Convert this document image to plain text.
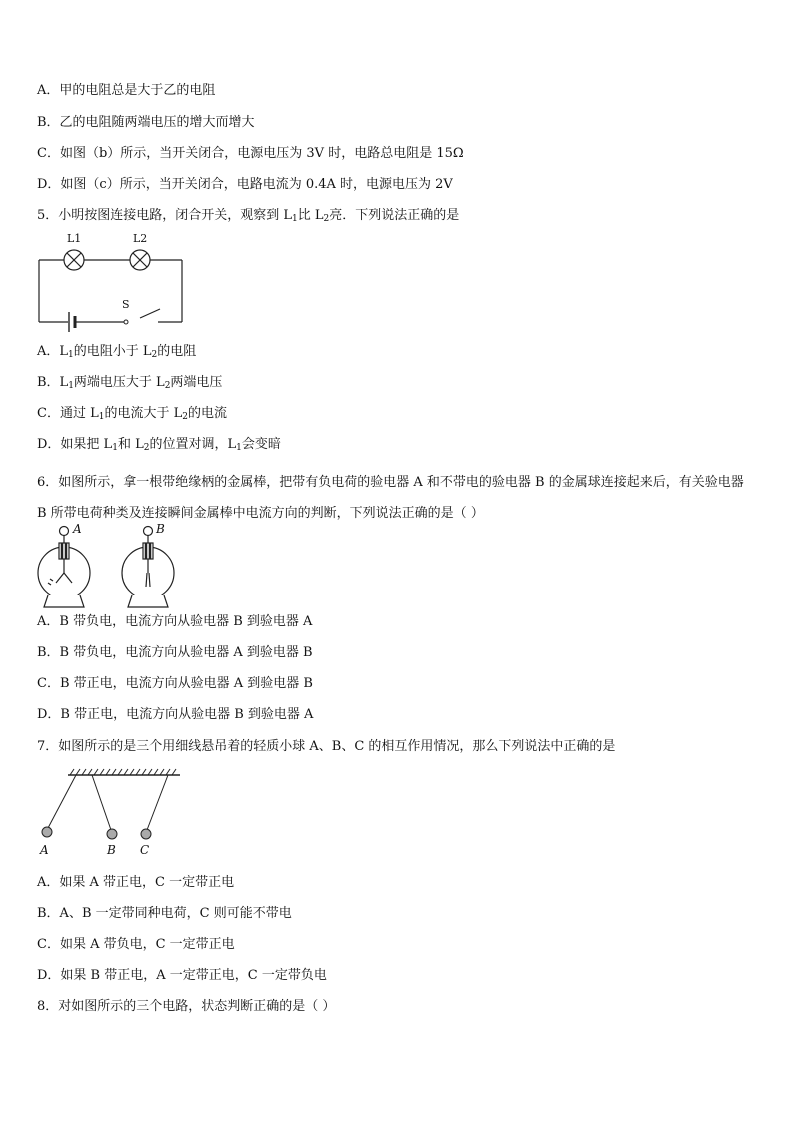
A．甲的电阻总是大于乙的电阻
B．乙的电阻随两端电压的增大而增大
C．如图（b）所示，当开关闭合，电源电压为 3V 时，电路总电阻是 15Ω
D．如图（c）所示，当开关闭合，电路电流为 0.4A 时，电源电压为 2V
5．小明按图连接电路，闭合开关，观察到 $L_1$比 $L_2$亮．下列说法正确的是
L1	L2
S
A．$L_1$的电阻小于 $L_2$的电阻
B．$L_1$两端电压大于 $L_2$两端电压
C．通过 $L_1$的电流大于 $L_2$的电流
D．如果把 $L_1$和 $L_2$的位置对调，$L_1$会变暗
6．如图所示，拿一根带绝缘柄的金属棒，把带有负电荷的验电器 A 和不带电的验电器 B 的金属球连接起来后，有关验电器 B 所带电荷种类及连接瞬间金属棒中电流方向的判断，下列说法正确的是（ ）
A	B
A．B 带负电，电流方向从验电器 B 到验电器 A
B．B 带负电，电流方向从验电器 A 到验电器 B
C．B 带正电，电流方向从验电器 A 到验电器 B
D．B 带正电，电流方向从验电器 B 到验电器 A
7．如图所示的是三个用细线悬吊着的轻质小球 A、B、C 的相互作用情况，那么下列说法中正确的是
A	B C
A．如果 A 带正电，C 一定带正电
B．A、B 一定带同种电荷，C 则可能不带电
C．如果 A 带负电，C 一定带正电
D．如果 B 带正电，A 一定带正电，C 一定带负电
8．对如图所示的三个电路，状态判断正确的是（ ）
